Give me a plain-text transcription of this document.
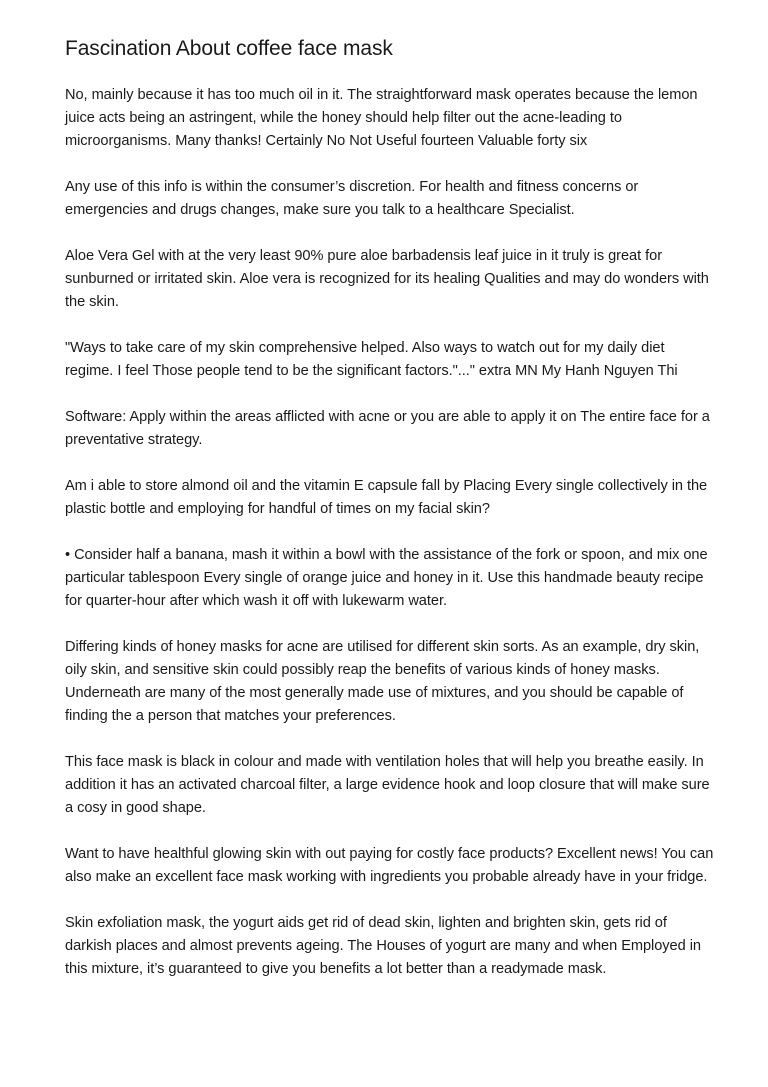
Fascination About coffee face mask

No, mainly because it has too much oil in it. The straightforward mask operates because the lemon juice acts being an astringent, while the honey should help filter out the acne-leading to microorganisms. Many thanks! Certainly No Not Useful fourteen Valuable forty six

Any use of this info is within the consumer’s discretion. For health and fitness concerns or emergencies and drugs changes, make sure you talk to a healthcare Specialist.

Aloe Vera Gel with at the very least 90% pure aloe barbadensis leaf juice in it truly is great for sunburned or irritated skin. Aloe vera is recognized for its healing Qualities and may do wonders with the skin.

"Ways to take care of my skin comprehensive helped. Also ways to watch out for my daily diet regime. I feel Those people tend to be the significant factors."..." extra MN My Hanh Nguyen Thi

Software: Apply within the areas afflicted with acne or you are able to apply it on The entire face for a preventative strategy.

Am i able to store almond oil and the vitamin E capsule fall by Placing Every single collectively in the plastic bottle and employing for handful of times on my facial skin?

• Consider half a banana, mash it within a bowl with the assistance of the fork or spoon, and mix one particular tablespoon Every single of orange juice and honey in it. Use this handmade beauty recipe for quarter-hour after which wash it off with lukewarm water.

Differing kinds of honey masks for acne are utilised for different skin sorts. As an example, dry skin, oily skin, and sensitive skin could possibly reap the benefits of various kinds of honey masks. Underneath are many of the most generally made use of mixtures, and you should be capable of finding the a person that matches your preferences.

This face mask is black in colour and made with ventilation holes that will help you breathe easily. In addition it has an activated charcoal filter, a large evidence hook and loop closure that will make sure a cosy in good shape.

Want to have healthful glowing skin with out paying for costly face products? Excellent news! You can also make an excellent face mask working with ingredients you probable already have in your fridge.

Skin exfoliation mask, the yogurt aids get rid of dead skin, lighten and brighten skin, gets rid of darkish places and almost prevents ageing. The Houses of yogurt are many and when Employed in this mixture, it’s guaranteed to give you benefits a lot better than a readymade mask.
